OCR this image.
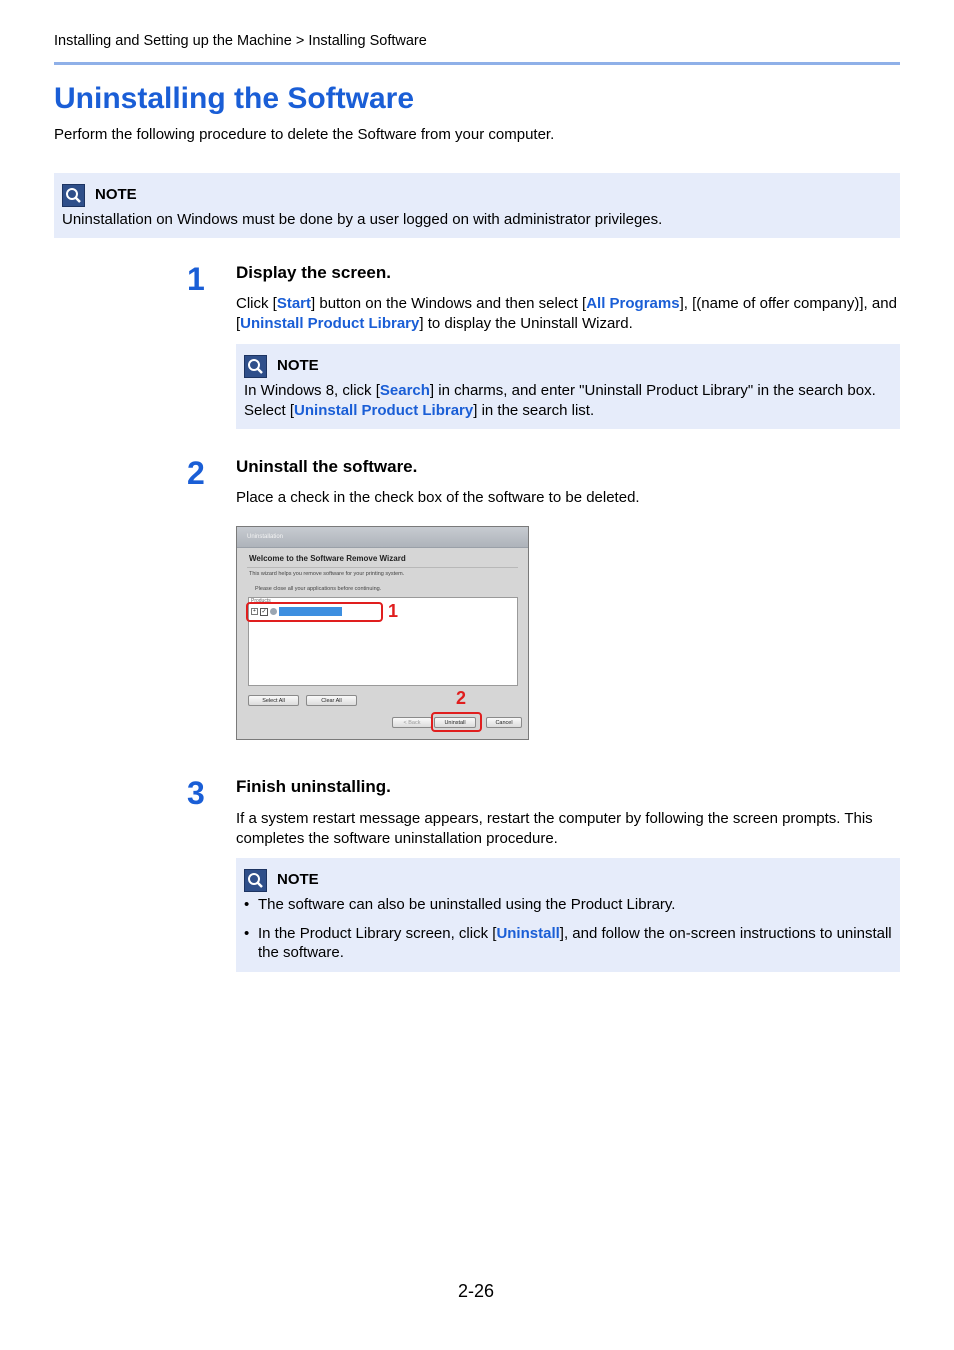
Installing and Setting up the Machine > Installing Software
Uninstalling the Software
Perform the following procedure to delete the Software from your computer.
NOTE
Uninstallation on Windows must be done by a user logged on with administrator privileges.
1 Display the screen.
Click [Start] button on the Windows and then select [All Programs], [(name of offer company)], and [Uninstall Product Library] to display the Uninstall Wizard.
NOTE
In Windows 8, click [Search] in charms, and enter "Uninstall Product Library" in the search box. Select [Uninstall Product Library] in the search list.
2 Uninstall the software.
Place a check in the check box of the software to be deleted.
Uninstallation
Welcome to the Software Remove Wizard
This wizard helps you remove software for your printing system.
Please close all your applications before continuing.
Products
+ ✓
Select All	Clear All
< Back	Uninstall	Cancel
1
2
3 Finish uninstalling.
If a system restart message appears, restart the computer by following the screen prompts. This completes the software uninstallation procedure.
NOTE
• The software can also be uninstalled using the Product Library.
• In the Product Library screen, click [Uninstall], and follow the on-screen instructions to uninstall the software.
2-26
